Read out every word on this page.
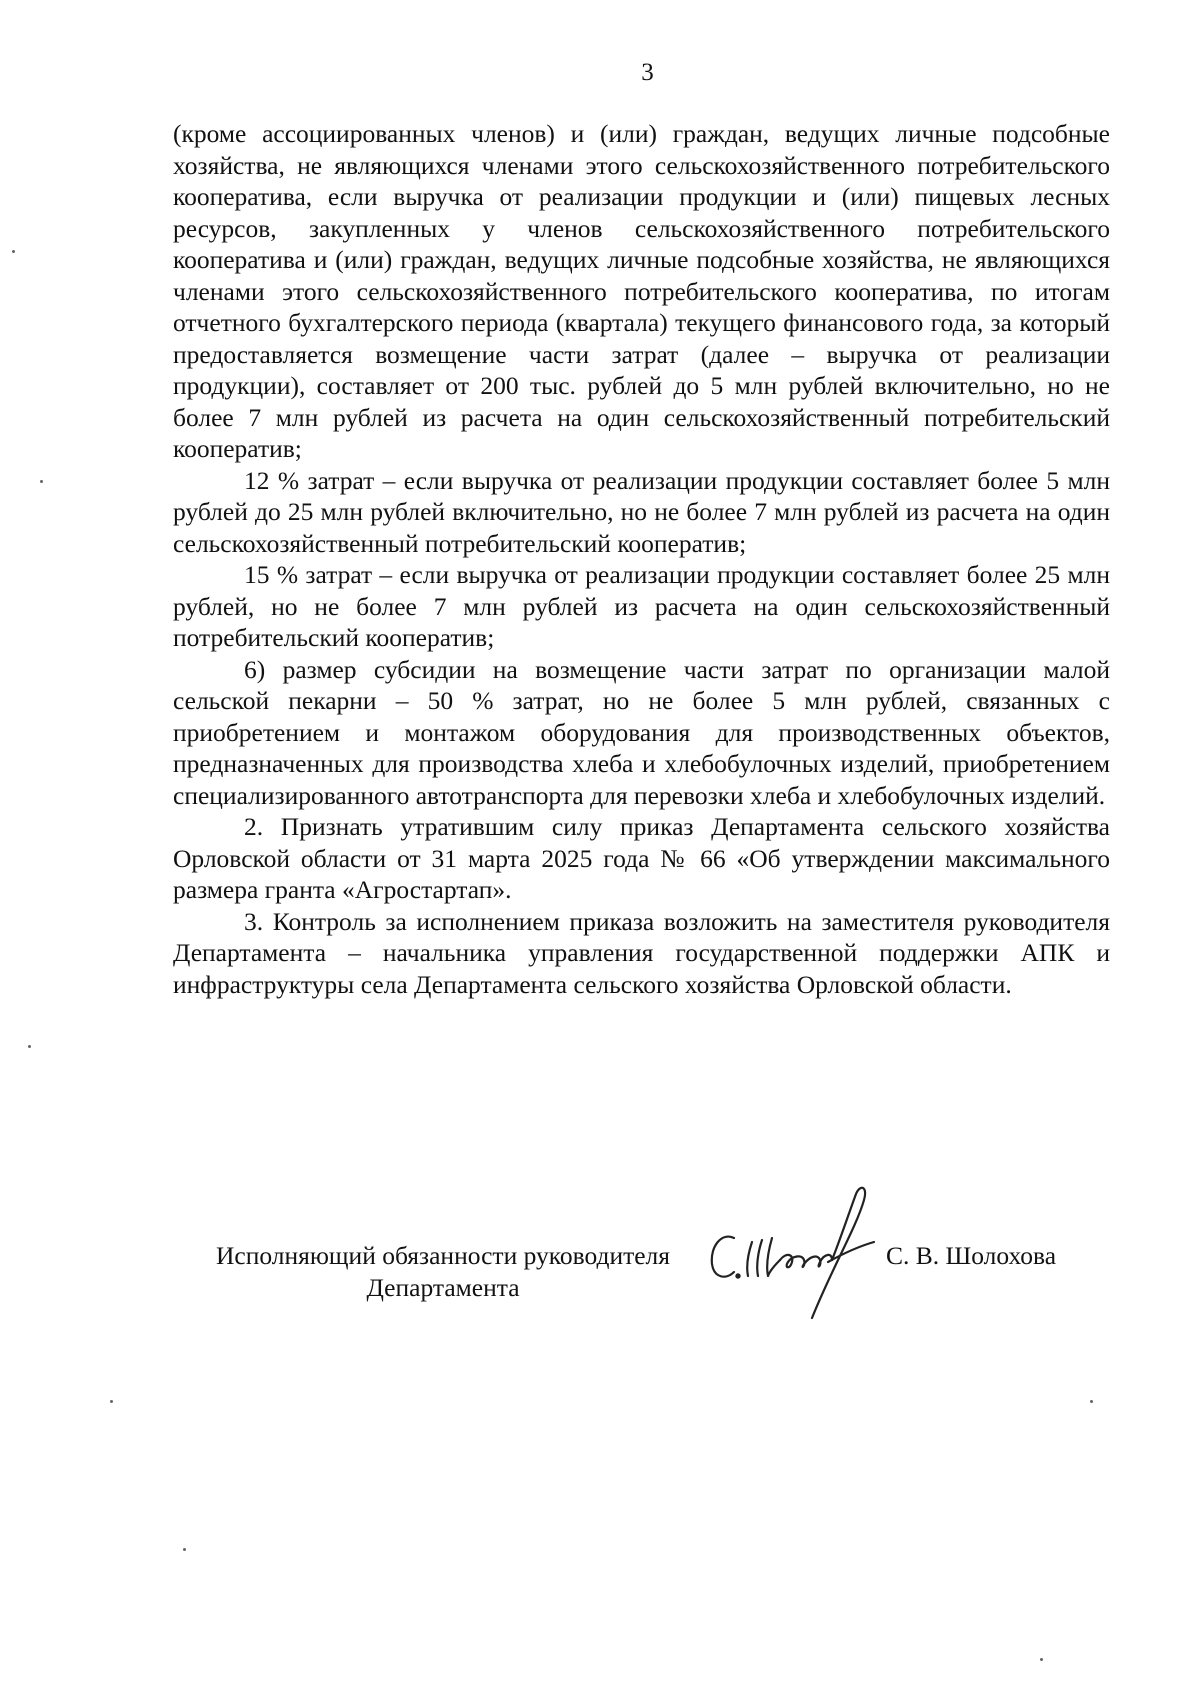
3

(кроме ассоциированных членов) и (или) граждан, ведущих личные подсобные хозяйства, не являющихся членами этого сельскохозяйственного потребительского кооператива, если выручка от реализации продукции и (или) пищевых лесных ресурсов, закупленных у членов сельскохозяйственного потребительского кооператива и (или) граждан, ведущих личные подсобные хозяйства, не являющихся членами этого сельскохозяйственного потребительского кооператива, по итогам отчетного бухгалтерского периода (квартала) текущего финансового года, за который предоставляется возмещение части затрат (далее – выручка от реализации продукции), составляет от 200 тыс. рублей до 5 млн рублей включительно, но не более 7 млн рублей из расчета на один сельскохозяйственный потребительский кооператив;

12 % затрат – если выручка от реализации продукции составляет более 5 млн рублей до 25 млн рублей включительно, но не более 7 млн рублей из расчета на один сельскохозяйственный потребительский кооператив;

15 % затрат – если выручка от реализации продукции составляет более 25 млн рублей, но не более 7 млн рублей из расчета на один сельскохозяйственный потребительский кооператив;

6) размер субсидии на возмещение части затрат по организации малой сельской пекарни – 50 % затрат, но не более 5 млн рублей, связанных с приобретением и монтажом оборудования для производственных объектов, предназначенных для производства хлеба и хлебобулочных изделий, приобретением специализированного автотранспорта для перевозки хлеба и хлебобулочных изделий.

2. Признать утратившим силу приказ Департамента сельского хозяйства Орловской области от 31 марта 2025 года № 66 «Об утверждении максимального размера гранта «Агростартап».

3. Контроль за исполнением приказа возложить на заместителя руководителя Департамента – начальника управления государственной поддержки АПК и инфраструктуры села Департамента сельского хозяйства Орловской области.

Исполняющий обязанности руководителя
Департамента
С. В. Шолохова
